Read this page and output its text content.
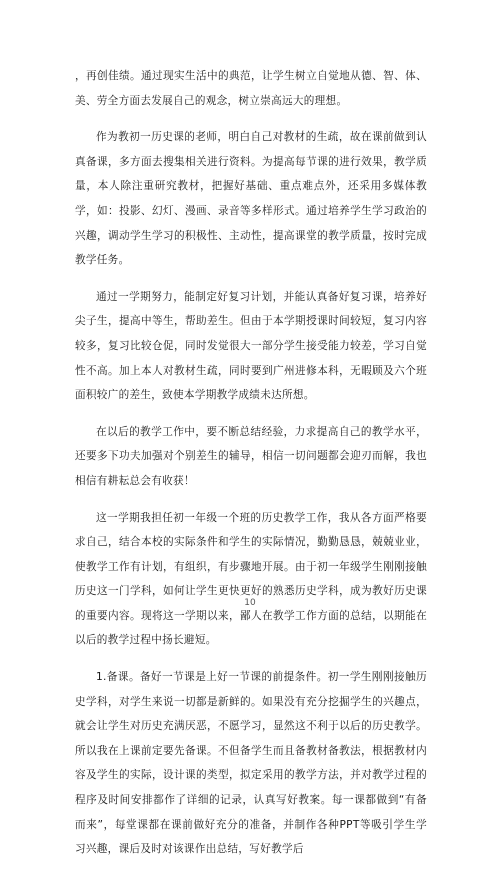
，再创佳绩。通过现实生活中的典范，让学生树立自觉地从德、智、体、美、劳全方面去发展自己的观念，树立崇高远大的理想。

作为教初一历史课的老师，明白自己对教材的生疏，故在课前做到认真备课，多方面去搜集相关进行资料。为提高每节课的进行效果，教学质量，本人除注重研究教材，把握好基础、重点难点外，还采用多媒体教学，如：投影、幻灯、漫画、录音等多样形式。通过培养学生学习政治的兴趣，调动学生学习的积极性、主动性，提高课堂的教学质量，按时完成教学任务。

通过一学期努力，能制定好复习计划，并能认真备好复习课，培养好尖子生，提高中等生，帮助差生。但由于本学期授课时间较短，复习内容较多，复习比较仓促，同时发觉很大一部分学生接受能力较差，学习自觉性不高。加上本人对教材生疏，同时要到广州进修本科，无暇顾及六个班面积较广的差生，致使本学期教学成绩未达所想。

在以后的教学工作中，要不断总结经验，力求提高自己的教学水平，还要多下功夫加强对个别差生的辅导，相信一切问题都会迎刃而解，我也相信有耕耘总会有收获！

这一学期我担任初一年级一个班的历史教学工作，我从各方面严格要求自己，结合本校的实际条件和学生的实际情况，勤勤恳恳，兢兢业业，使教学工作有计划，有组织，有步骤地开展。由于初一年级学生刚刚接触历史这一门学科，如何让学生更快更好的熟悉历史学科，成为教好历史课的重要内容。现将这一学期以来，鄙人在教学工作方面的总结，以期能在以后的教学过程中扬长避短。

1.备课。备好一节课是上好一节课的前提条件。初一学生刚刚接触历史学科，对学生来说一切都是新鲜的。如果没有充分挖掘学生的兴趣点，就会让学生对历史充满厌恶，不愿学习，显然这不利于以后的历史教学。所以我在上课前定要先备课。不但备学生而且备教材备教法，根据教材内容及学生的实际，设计课的类型，拟定采用的教学方法，并对教学过程的程序及时间安排都作了详细的记录，认真写好教案。每一课都做到“有备而来”，每堂课都在课前做好充分的准备，并制作各种PPT等吸引学生学习兴趣，课后及时对该课作出总结，写好教学后

10
